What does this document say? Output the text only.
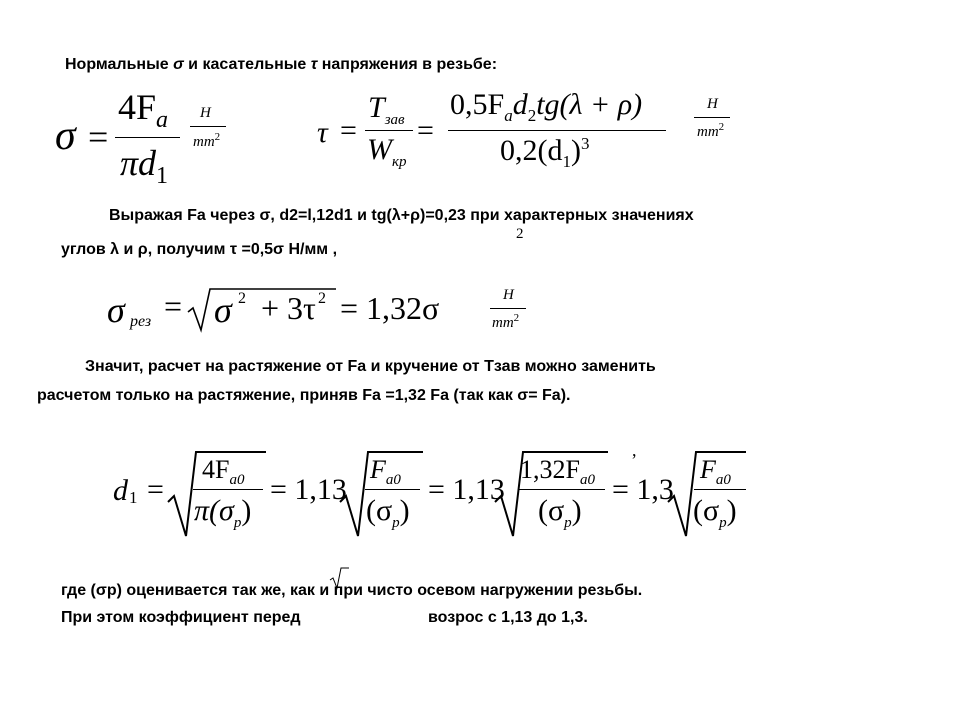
Нормальные σ и касательные τ напряжения в резьбе:
σ =
$4F_a$
$\pi d_1$
Н
$mm^2$	τ =
$T_{зав}$
$W_{кр}$
=
$0,5F_ad_2tg(\lambda + \rho)$
$0,2(d_1)^3$
Н
$mm^2$
Выражая Fa через σ, d2=l,12d1 и tg(λ+ρ)=0,23 при характерных значениях
углов λ и ρ, получим τ =0,5σ Н/мм ,
2
σ рез = σ 2 + 3τ 2 = 1,32σ	Н
$mm^2$
Значит, расчет на растяжение от Fa и кручение от Tзав можно заменить
расчетом только на растяжение, приняв Fa =1,32 Fa (так как σ= Fa).
d 1 =
$4F_{a0}$
$\pi(\sigma_p)$
= 1,13
$F_{a0}$
$(\sigma_p)$
= 1,13
$1,32F_{a0}$
$(\sigma_p)$
= 1,3
,
$F_{a0}$
$(\sigma_p)$
где (σр) оценивается так же, как и при чисто осевом нагружении резьбы.
При этом коэффициент перед	возрос с 1,13 до 1,3.
